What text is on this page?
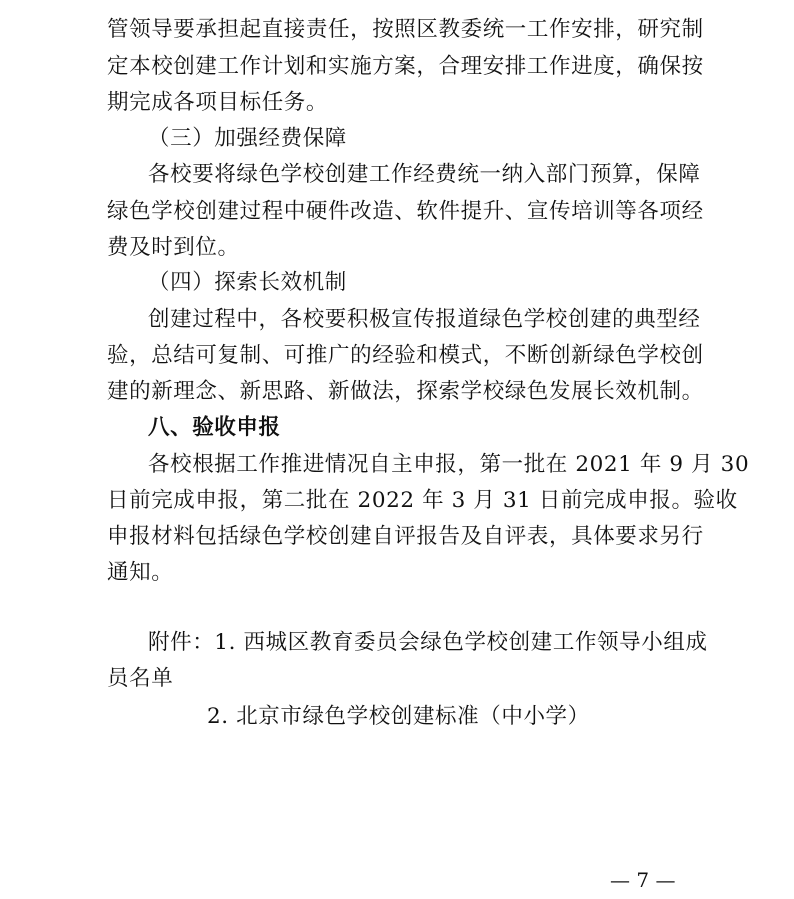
管领导要承担起直接责任，按照区教委统一工作安排，研究制
定本校创建工作计划和实施方案，合理安排工作进度，确保按
期完成各项目标任务。
（三）加强经费保障
各校要将绿色学校创建工作经费统一纳入部门预算，保障
绿色学校创建过程中硬件改造、软件提升、宣传培训等各项经
费及时到位。
（四）探索长效机制
创建过程中，各校要积极宣传报道绿色学校创建的典型经
验，总结可复制、可推广的经验和模式，不断创新绿色学校创
建的新理念、新思路、新做法，探索学校绿色发展长效机制。
八、验收申报
各校根据工作推进情况自主申报，第一批在 2021 年 9 月 30
日前完成申报，第二批在 2022 年 3 月 31 日前完成申报。验收
申报材料包括绿色学校创建自评报告及自评表，具体要求另行
通知。
附件：1. 西城区教育委员会绿色学校创建工作领导小组成
员名单
2. 北京市绿色学校创建标准（中小学）
— 7 —
